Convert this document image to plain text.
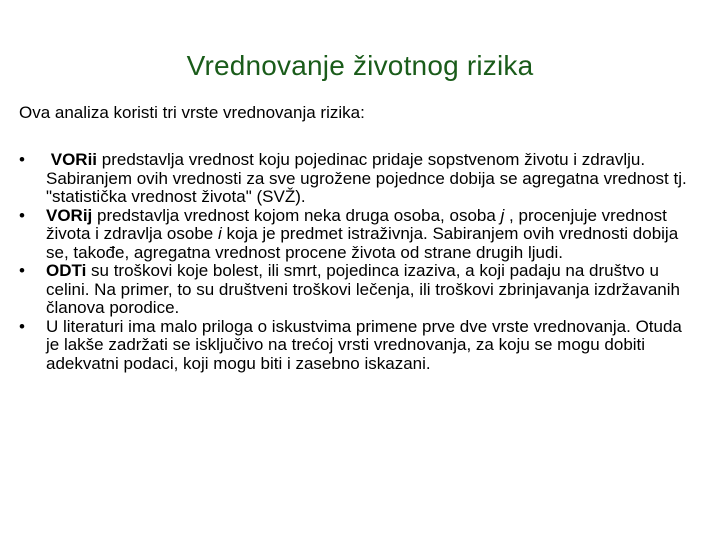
Vrednovanje životnog rizika

Ova analiza koristi tri vrste vrednovanja rizika:

•	VORii predstavlja vrednost koju pojedinac pridaje sopstvenom životu i zdravlju. Sabiranjem ovih vrednosti za sve ugrožene pojednce dobija se agregatna vrednost tj. "statistička vrednost života" (SVŽ).
•	VORij predstavlja vrednost kojom neka druga osoba, osoba j , procenjuje vrednost života i zdravlja osobe i koja je predmet istraživnja. Sabiranjem ovih vrednosti dobija se, takođe, agregatna vrednost procene života od strane drugih ljudi.
•	ODTi su troškovi koje bolest, ili smrt, pojedinca izaziva, a koji padaju na društvo u celini. Na primer, to su društveni troškovi lečenja, ili troškovi zbrinjavanja izdržavanih članova porodice.
•	U literaturi ima malo priloga o iskustvima primene prve dve vrste vrednovanja. Otuda je lakše zadržati se isključivo na trećoj vrsti vrednovanja, za koju se mogu dobiti adekvatni podaci, koji mogu biti i zasebno iskazani.
